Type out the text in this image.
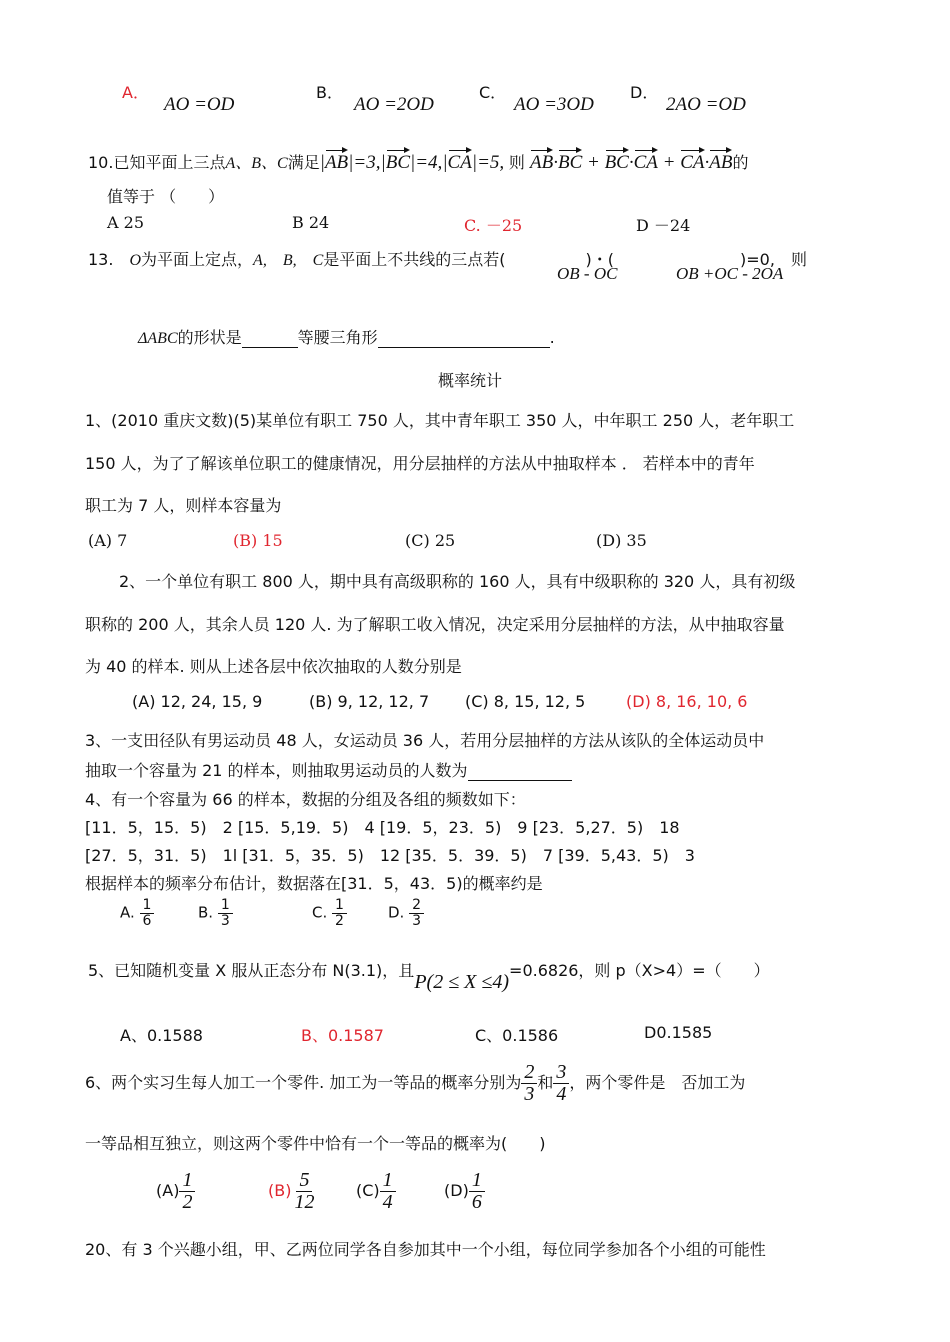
A．
AO =OD
B．
AO =2OD
C．
AO =3OD
D．
2AO =OD
10.已知平面上三点A、B、C满足|AB|=3,|BC|=4,|CA|=5, 则 AB·BC + BC·CA + CA·AB的
值等于 （　　）
A 25	B 24	C. －25	D －24
13.　 O为平面上定点，A,　B,　C是平面上不共线的三点若(	)・(	)=0,　则
OB - OC	OB +OC - 2OA
ΔABC的形状是	等腰三角形	.
概率统计
1、(2010 重庆文数)(5)某单位有职工 750 人，其中青年职工 350 人，中年职工 250 人，老年职工
150 人，为了了解该单位职工的健康情况，用分层抽样的方法从中抽取样本 ． 若样本中的青年
职工为 7 人，则样本容量为
(A) 7	(B) 15	(C) 25	(D) 35
2、一个单位有职工 800 人，期中具有高级职称的 160 人，具有中级职称的 320 人，具有初级
职称的 200 人，其余人员 120 人. 为了解职工收入情况，决定采用分层抽样的方法，从中抽取容量
为 40 的样本. 则从上述各层中依次抽取的人数分别是
(A) 12, 24, 15, 9	(B) 9, 12, 12, 7 (C) 8, 15, 12, 5	(D) 8, 16, 10, 6
3、一支田径队有男运动员 48 人，女运动员 36 人，若用分层抽样的方法从该队的全体运动员中
抽取一个容量为 21 的样本，则抽取男运动员的人数为
4、有一个容量为 66 的样本，数据的分组及各组的频数如下：
[11．5，15．5)　2 [15．5,19．5)　4 [19．5，23．5)　9 [23．5,27．5)　18
[27．5，31．5)　1l [31．5，35．5)　12 [35．5．39．5)　7 [39．5,43．5)　3
根据样本的频率分布估计，数据落在[31．5，43．5)的概率约是
A. $\frac{1}{6}$	B. $\frac{1}{3}$	C. $\frac{1}{2}$	D. $\frac{2}{3}$
5、已知随机变量 X 服从正态分布 N(3.1)，且P(2 ≤ X ≤4)=0.6826，则 p（X>4）=（　　）
A、0.1588	B、0.1587	C、0.1586	D0.1585
6、两个实习生每人加工一个零件. 加工为一等品的概率分别为 $\frac{2}{3}$ 和 $\frac{3}{4}$ ，两个零件是　否加工为
一等品相互独立，则这两个零件中恰有一个一等品的概率为(　　)
$(A) \frac{1}{2}$	$(B) \frac{5}{12} (C) \frac{1}{4}$	$(D) \frac{1}{6}$
20、有 3 个兴趣小组，甲、乙两位同学各自参加其中一个小组，每位同学参加各个小组的可能性
